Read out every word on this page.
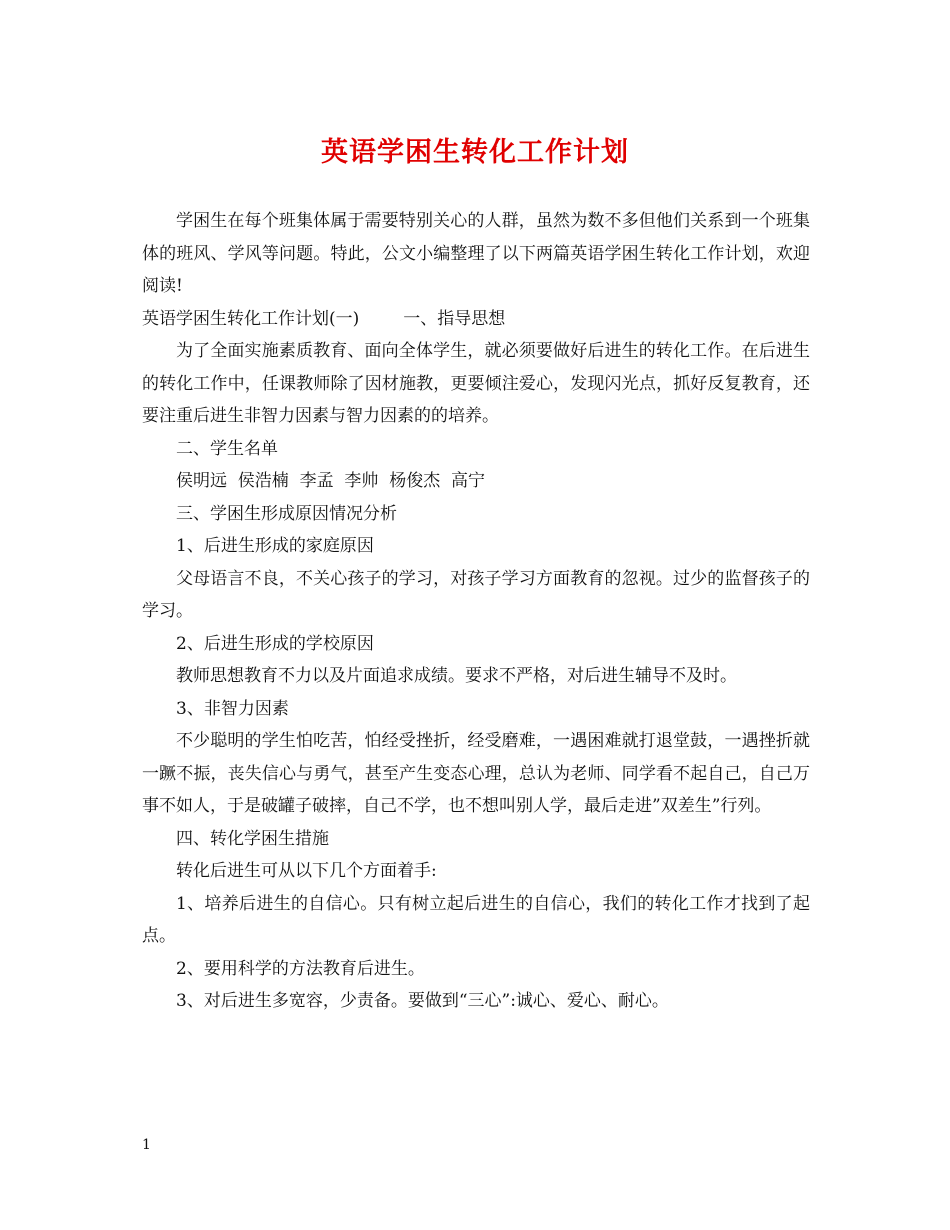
英语学困生转化工作计划

学困生在每个班集体属于需要特别关心的人群，虽然为数不多但他们关系到一个班集体的班风、学风等问题。特此，公文小编整理了以下两篇英语学困生转化工作计划，欢迎阅读!

英语学困生转化工作计划(一)	一、指导思想

为了全面实施素质教育、面向全体学生，就必须要做好后进生的转化工作。在后进生的转化工作中，任课教师除了因材施教，更要倾注爱心，发现闪光点，抓好反复教育，还要注重后进生非智力因素与智力因素的的培养。

二、学生名单

侯明远  侯浩楠  李孟  李帅  杨俊杰  高宁

三、学困生形成原因情况分析

1、后进生形成的家庭原因

父母语言不良，不关心孩子的学习，对孩子学习方面教育的忽视。过少的监督孩子的学习。

2、后进生形成的学校原因

教师思想教育不力以及片面追求成绩。要求不严格，对后进生辅导不及时。

3、非智力因素

不少聪明的学生怕吃苦，怕经受挫折，经受磨难，一遇困难就打退堂鼓，一遇挫折就一蹶不振，丧失信心与勇气，甚至产生变态心理，总认为老师、同学看不起自己，自己万事不如人，于是破罐子破摔，自己不学，也不想叫别人学，最后走进”双差生”行列。

四、转化学困生措施

转化后进生可从以下几个方面着手:

1、培养后进生的自信心。只有树立起后进生的自信心，我们的转化工作才找到了起点。

2、要用科学的方法教育后进生。

3、对后进生多宽容，少责备。要做到“三心”:诚心、爱心、耐心。

1
